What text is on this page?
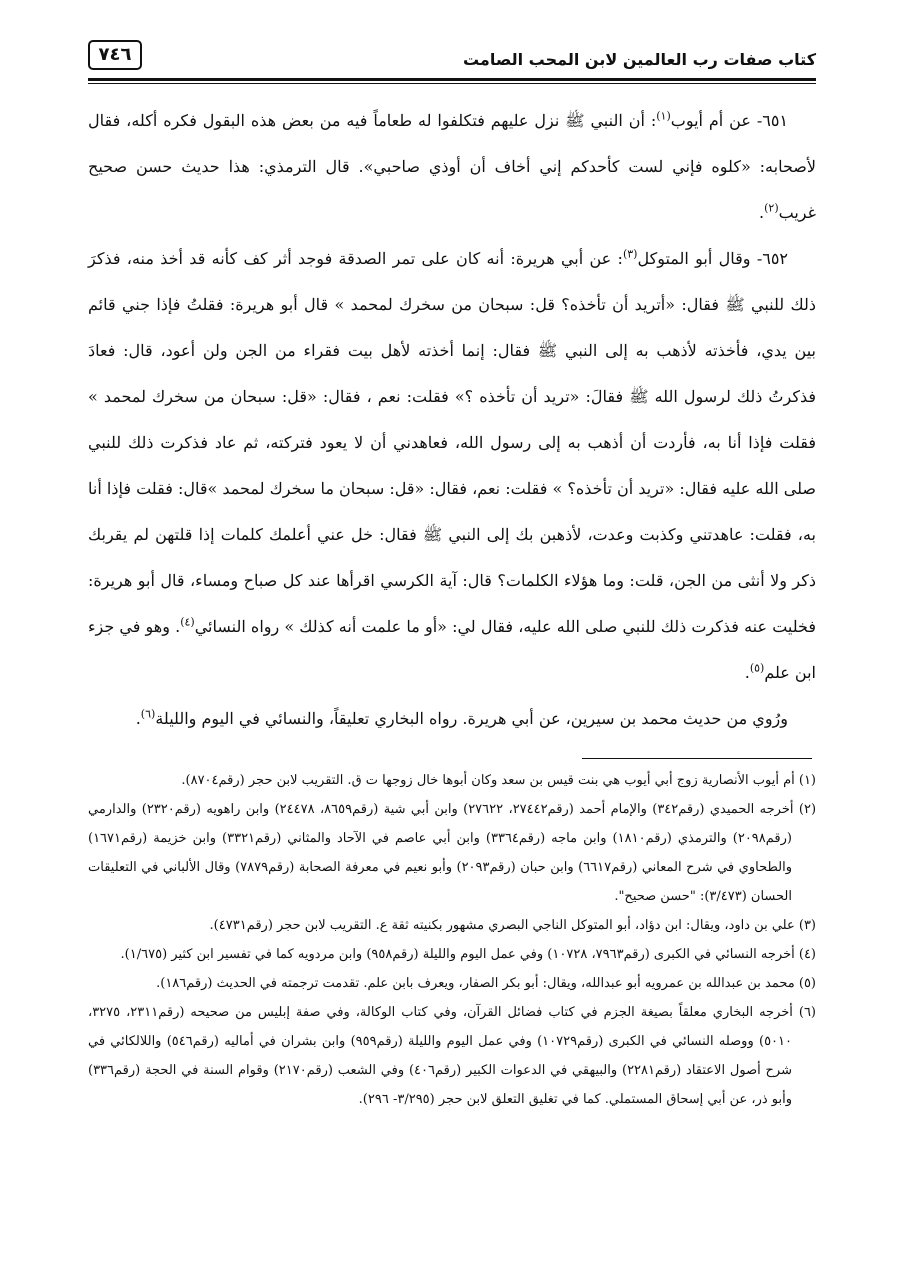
كتاب صفات رب العالمين لابن المحب الصامت
٧٤٦

٦٥١- عن أم أيوب$^{(١)}$: أن النبي ﷺ نزل عليهم فتكلفوا له طعاماً فيه من بعض هذه البقول فكره أكله، فقال لأصحابه: «كلوه فإني لست كأحدكم إني أخاف أن أوذي صاحبي». قال الترمذي: هذا حديث حسن صحيح غريب$^{(٢)}$.

٦٥٢- وقال أبو المتوكل$^{(٣)}$: عن أبي هريرة: أنه كان على تمر الصدقة فوجد أثر كف كأنه قد أخذ منه، فذكرَ ذلك للنبي ﷺ فقال: «أتريد أن تأخذه؟ قل: سبحان من سخرك لمحمد » قال أبو هريرة: فقلتُ فإذا جني قائم بين يدي، فأخذته لأذهب به إلى النبي ﷺ فقال: إنما أخذته لأهل بيت فقراء من الجن ولن أعود، قال: فعادَ فذكرتُ ذلك لرسول الله ﷺ فقالَ: «تريد أن تأخذه ؟» فقلت: نعم ، فقال: «قل: سبحان من سخرك لمحمد » فقلت فإذا أنا به، فأردت أن أذهب به إلى رسول الله، فعاهدني أن لا يعود فتركته، ثم عاد فذكرت ذلك للنبي صلى الله عليه فقال: «تريد أن تأخذه؟ » فقلت: نعم، فقال: «قل: سبحان ما سخرك لمحمد »قال: فقلت فإذا أنا به، فقلت: عاهدتني وكذبت وعدت، لأذهبن بك إلى النبي ﷺ فقال: خل عني أعلمك كلمات إذا قلتهن لم يقربك ذكر ولا أنثى من الجن، قلت: وما هؤلاء الكلمات؟ قال: آية الكرسي اقرأها عند كل صباح ومساء، قال أبو هريرة: فخليت عنه فذكرت ذلك للنبي صلى الله عليه، فقال لي: «أو ما علمت أنه كذلك » رواه النسائي$^{(٤)}$. وهو في جزء ابن علم$^{(٥)}$.

ورُوي من حديث محمد بن سيرين، عن أبي هريرة. رواه البخاري تعليقاً، والنسائي في اليوم والليلة$^{(٦)}$.

(١) أم أيوب الأنصارية زوج أبي أيوب هي بنت قيس بن سعد وكان أبوها خال زوجها ت ق. التقريب لابن حجر (رقم٨٧٠٤).

(٢) أخرجه الحميدي (رقم٣٤٢) والإمام أحمد (رقم٢٧٤٤٢، ٢٧٦٢٢) وابن أبي شية (رقم٨٦٥٩، ٢٤٤٧٨) وابن راهويه (رقم٢٣٢٠) والدارمي (رقم٢٠٩٨) والترمذي (رقم١٨١٠) وابن ماجه (رقم٣٣٦٤) وابن أبي عاصم في الآحاد والمثاني (رقم٣٣٢١) وابن خزيمة (رقم١٦٧١) والطحاوي في شرح المعاني (رقم٦٦١٧) وابن حبان (رقم٢٠٩٣) وأبو نعيم في معرفة الصحابة (رقم٧٨٧٩) وقال الألباني في التعليقات الحسان (٣/٤٧٣): "حسن صحيح".

(٣) علي بن داود، ويقال: ابن دؤاد، أبو المتوكل الناجي البصري مشهور بكنيته ثقة ع. التقريب لابن حجر (رقم٤٧٣١).

(٤) أخرجه النسائي في الكبرى (رقم٧٩٦٣، ١٠٧٢٨) وفي عمل اليوم والليلة (رقم٩٥٨) وابن مردويه كما في تفسير ابن كثير (١/٦٧٥).

(٥) محمد بن عبدالله بن عمرويه أبو عبدالله، ويقال: أبو بكر الصفار، ويعرف بابن علم. تقدمت ترجمته في الحديث (رقم١٨٦).

(٦) أخرجه البخاري معلقاً بصيغة الجزم في كتاب فضائل القرآن، وفي كتاب الوكالة، وفي صفة إبليس من صحيحه (رقم٢٣١١، ٣٢٧٥، ٥٠١٠) ووصله النسائي في الكبرى (رقم١٠٧٢٩) وفي عمل اليوم والليلة (رقم٩٥٩) وابن بشران في أماليه (رقم٥٤٦) واللالكائي في شرح أصول الاعتقاد (رقم٢٢٨١) والبيهقي في الدعوات الكبير (رقم٤٠٦) وفي الشعب (رقم٢١٧٠) وقوام السنة في الحجة (رقم٣٣٦) وأبو ذر، عن أبي إسحاق المستملي. كما في تغليق التعلق لابن حجر (٣/٢٩٥- ٢٩٦).
